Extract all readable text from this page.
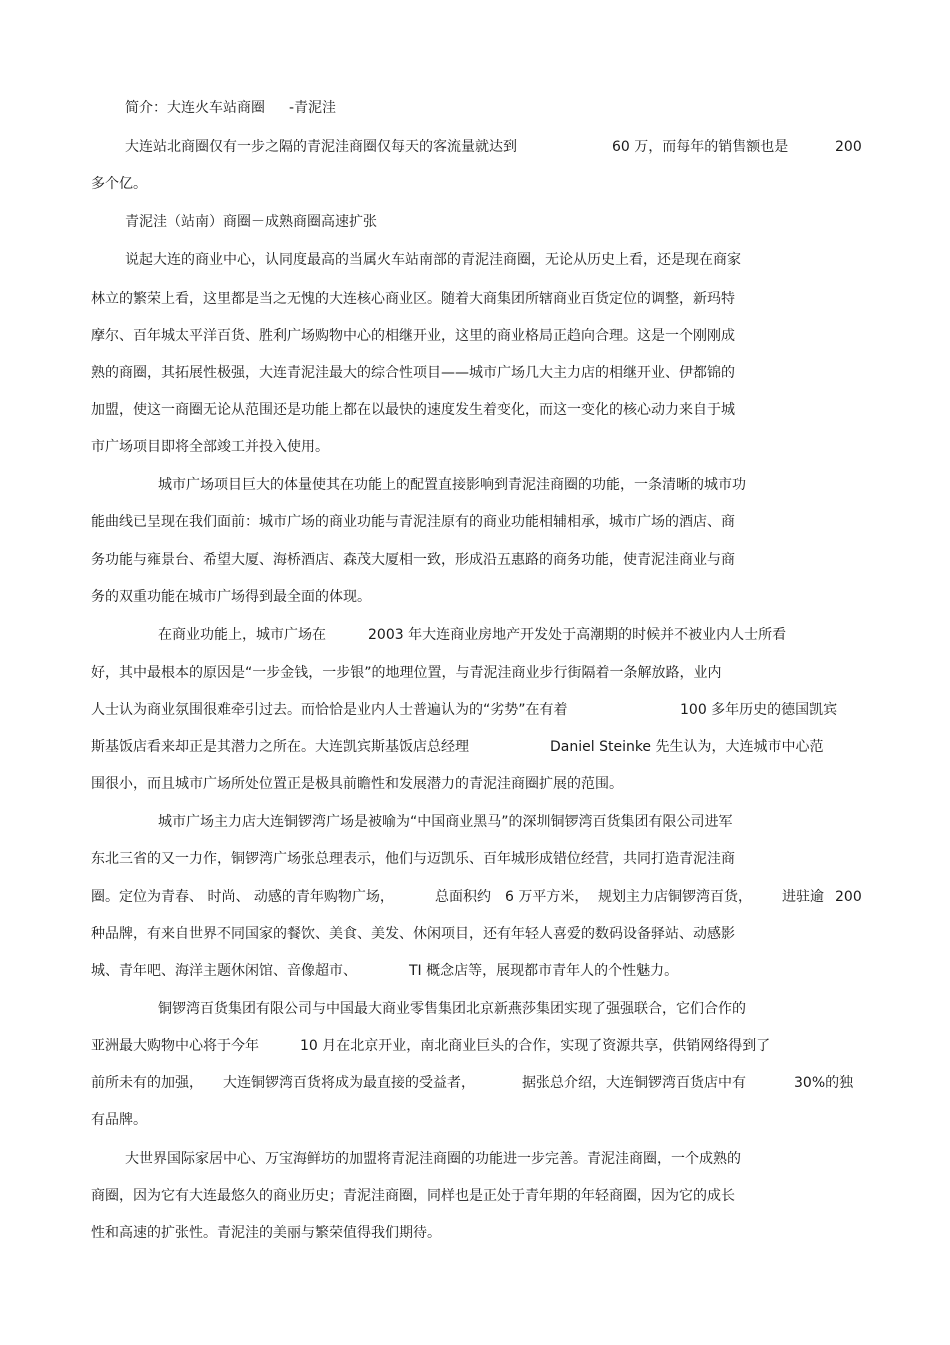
简介：大连火车站商圈 -青泥洼
大连站北商圈仅有一步之隔的青泥洼商圈仅每天的客流量就达到	60 万，而每年的销售额也是	200
多个亿。
青泥洼（站南）商圈－成熟商圈高速扩张
说起大连的商业中心，认同度最高的当属火车站南部的青泥洼商圈，无论从历史上看，还是现在商家
林立的繁荣上看，这里都是当之无愧的大连核心商业区。随着大商集团所辖商业百货定位的调整，新玛特
摩尔、百年城太平洋百货、胜利广场购物中心的相继开业，这里的商业格局正趋向合理。这是一个刚刚成
熟的商圈，其拓展性极强，大连青泥洼最大的综合性项目——城市广场几大主力店的相继开业、伊都锦的
加盟，使这一商圈无论从范围还是功能上都在以最快的速度发生着变化，而这一变化的核心动力来自于城
市广场项目即将全部竣工并投入使用。
城市广场项目巨大的体量使其在功能上的配置直接影响到青泥洼商圈的功能，一条清晰的城市功
能曲线已呈现在我们面前：城市广场的商业功能与青泥洼原有的商业功能相辅相承，城市广场的酒店、商
务功能与雍景台、希望大厦、海桥酒店、森茂大厦相一致，形成沿五惠路的商务功能，使青泥洼商业与商
务的双重功能在城市广场得到最全面的体现。
在商业功能上，城市广场在	2003 年大连商业房地产开发处于高潮期的时候并不被业内人士所看
好，其中最根本的原因是“一步金钱，一步银”的地理位置，与青泥洼商业步行街隔着一条解放路，业内
人士认为商业氛围很难牵引过去。而恰恰是业内人士普遍认为的“劣势”在有着	100 多年历史的德国凯宾
斯基饭店看来却正是其潜力之所在。大连凯宾斯基饭店总经理	Daniel Steinke 先生认为，大连城市中心范
围很小，而且城市广场所处位置正是极具前瞻性和发展潜力的青泥洼商圈扩展的范围。
城市广场主力店大连铜锣湾广场是被喻为“中国商业黑马”的深圳铜锣湾百货集团有限公司进军
东北三省的又一力作，铜锣湾广场张总理表示，他们与迈凯乐、百年城形成错位经营，共同打造青泥洼商
圈。定位为青春、 时尚、 动感的青年购物广场，	总面积约 6 万平方米， 规划主力店铜锣湾百货， 进驻逾 200
种品牌，有来自世界不同国家的餐饮、美食、美发、休闲项目，还有年轻人喜爱的数码设备驿站、动感影
城、青年吧、海洋主题休闲馆、音像超市、	TI 概念店等，展现都市青年人的个性魅力。
铜锣湾百货集团有限公司与中国最大商业零售集团北京新燕莎集团实现了强强联合，它们合作的
亚洲最大购物中心将于今年	10 月在北京开业，南北商业巨头的合作，实现了资源共享，供销网络得到了
前所未有的加强， 大连铜锣湾百货将成为最直接的受益者，	据张总介绍，大连铜锣湾百货店中有	30%的独
有品牌。
大世界国际家居中心、万宝海鲜坊的加盟将青泥洼商圈的功能进一步完善。青泥洼商圈，一个成熟的
商圈，因为它有大连最悠久的商业历史；青泥洼商圈，同样也是正处于青年期的年轻商圈，因为它的成长
性和高速的扩张性。青泥洼的美丽与繁荣值得我们期待。
